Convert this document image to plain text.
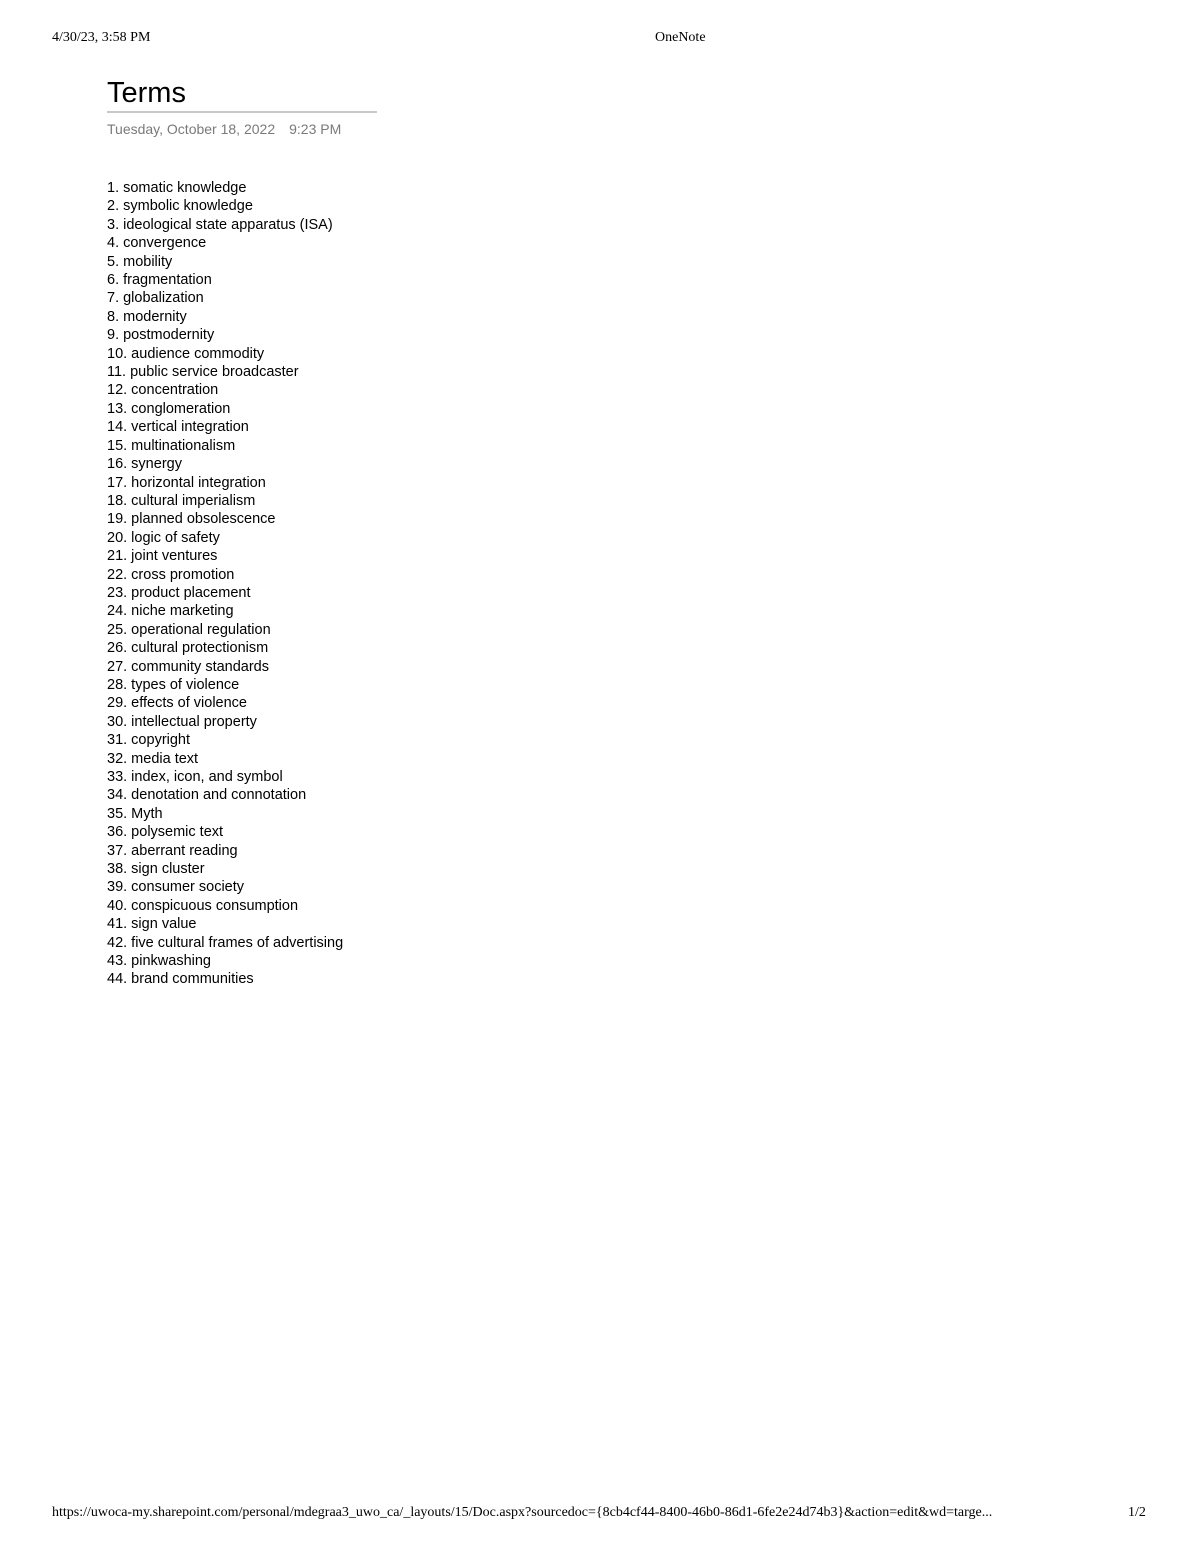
4/30/23, 3:58 PM	OneNote
Terms
Tuesday, October 18, 2022 9:23 PM
1. somatic knowledge
2. symbolic knowledge
3. ideological state apparatus (ISA)
4. convergence
5. mobility
6. fragmentation
7. globalization
8. modernity
9. postmodernity
10. audience commodity
11. public service broadcaster
12. concentration
13. conglomeration
14. vertical integration
15. multinationalism
16. synergy
17. horizontal integration
18. cultural imperialism
19. planned obsolescence
20. logic of safety
21. joint ventures
22. cross promotion
23. product placement
24. niche marketing
25. operational regulation
26. cultural protectionism
27. community standards
28. types of violence
29. effects of violence
30. intellectual property
31. copyright
32. media text
33. index, icon, and symbol
34. denotation and connotation
35. Myth
36. polysemic text
37. aberrant reading
38. sign cluster
39. consumer society
40. conspicuous consumption
41. sign value
42. five cultural frames of advertising
43. pinkwashing
44. brand communities
https://uwoca-my.sharepoint.com/personal/mdegraa3_uwo_ca/_layouts/15/Doc.aspx?sourcedoc={8cb4cf44-8400-46b0-86d1-6fe2e24d74b3}&action=edit&wd=targe...	1/2
